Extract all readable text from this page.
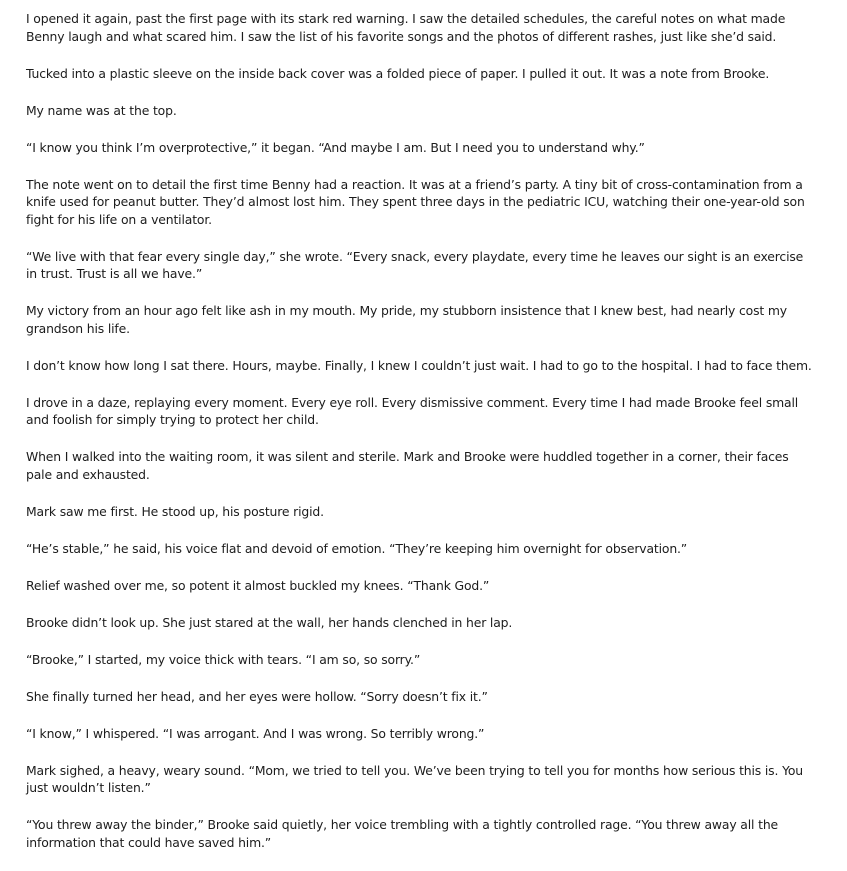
I opened it again, past the first page with its stark red warning. I saw the detailed schedules, the careful notes on what made Benny laugh and what scared him. I saw the list of his favorite songs and the photos of different rashes, just like she’d said.

Tucked into a plastic sleeve on the inside back cover was a folded piece of paper. I pulled it out. It was a note from Brooke.

My name was at the top.

“I know you think I’m overprotective,” it began. “And maybe I am. But I need you to understand why.”

The note went on to detail the first time Benny had a reaction. It was at a friend’s party. A tiny bit of cross-contamination from a knife used for peanut butter. They’d almost lost him. They spent three days in the pediatric ICU, watching their one-year-old son fight for his life on a ventilator.

“We live with that fear every single day,” she wrote. “Every snack, every playdate, every time he leaves our sight is an exercise in trust. Trust is all we have.”

My victory from an hour ago felt like ash in my mouth. My pride, my stubborn insistence that I knew best, had nearly cost my grandson his life.

I don’t know how long I sat there. Hours, maybe. Finally, I knew I couldn’t just wait. I had to go to the hospital. I had to face them.

I drove in a daze, replaying every moment. Every eye roll. Every dismissive comment. Every time I had made Brooke feel small and foolish for simply trying to protect her child.

When I walked into the waiting room, it was silent and sterile. Mark and Brooke were huddled together in a corner, their faces pale and exhausted.

Mark saw me first. He stood up, his posture rigid.

“He’s stable,” he said, his voice flat and devoid of emotion. “They’re keeping him overnight for observation.”

Relief washed over me, so potent it almost buckled my knees. “Thank God.”

Brooke didn’t look up. She just stared at the wall, her hands clenched in her lap.

“Brooke,” I started, my voice thick with tears. “I am so, so sorry.”

She finally turned her head, and her eyes were hollow. “Sorry doesn’t fix it.”

“I know,” I whispered. “I was arrogant. And I was wrong. So terribly wrong.”

Mark sighed, a heavy, weary sound. “Mom, we tried to tell you. We’ve been trying to tell you for months how serious this is. You just wouldn’t listen.”

“You threw away the binder,” Brooke said quietly, her voice trembling with a tightly controlled rage. “You threw away all the information that could have saved him.”
